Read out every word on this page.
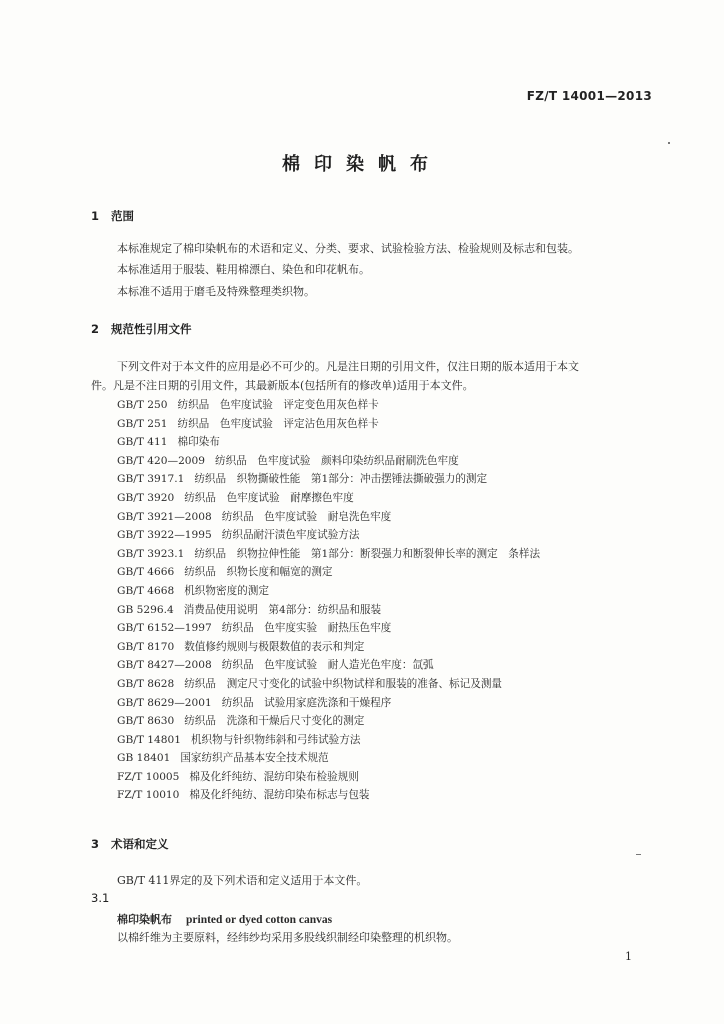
FZ/T 14001—2013
棉印染帆布
1 范围
本标准规定了棉印染帆布的术语和定义、分类、要求、试验检验方法、检验规则及标志和包装。
本标准适用于服装、鞋用棉漂白、染色和印花帆布。
本标准不适用于磨毛及特殊整理类织物。
2 规范性引用文件
下列文件对于本文件的应用是必不可少的。凡是注日期的引用文件，仅注日期的版本适用于本文
件。凡是不注日期的引用文件，其最新版本(包括所有的修改单)适用于本文件。
GB/T 250 纺织品　色牢度试验　评定变色用灰色样卡
GB/T 251 纺织品　色牢度试验　评定沾色用灰色样卡
GB/T 411 棉印染布
GB/T 420—2009 纺织品　色牢度试验　颜料印染纺织品耐刷洗色牢度
GB/T 3917.1 纺织品　织物撕破性能　第1部分：冲击摆锤法撕破强力的测定
GB/T 3920 纺织品　色牢度试验　耐摩擦色牢度
GB/T 3921—2008 纺织品　色牢度试验　耐皂洗色牢度
GB/T 3922—1995 纺织品耐汗渍色牢度试验方法
GB/T 3923.1 纺织品　织物拉伸性能　第1部分：断裂强力和断裂伸长率的测定　条样法
GB/T 4666 纺织品　织物长度和幅宽的测定
GB/T 4668 机织物密度的测定
GB 5296.4 消费品使用说明　第4部分：纺织品和服装
GB/T 6152—1997 纺织品　色牢度实验　耐热压色牢度
GB/T 8170 数值修约规则与极限数值的表示和判定
GB/T 8427—2008 纺织品　色牢度试验　耐人造光色牢度：氙弧
GB/T 8628 纺织品　测定尺寸变化的试验中织物试样和服装的准备、标记及测量
GB/T 8629—2001 纺织品　试验用家庭洗涤和干燥程序
GB/T 8630 纺织品　洗涤和干燥后尺寸变化的测定
GB/T 14801 机织物与针织物纬斜和弓纬试验方法
GB 18401 国家纺织产品基本安全技术规范
FZ/T 10005 棉及化纤纯纺、混纺印染布检验规则
FZ/T 10010 棉及化纤纯纺、混纺印染布标志与包装
3 术语和定义
GB/T 411界定的及下列术语和定义适用于本文件。
3.1
棉印染帆布 printed or dyed cotton canvas
以棉纤维为主要原料，经纬纱均采用多股线织制经印染整理的机织物。
1
